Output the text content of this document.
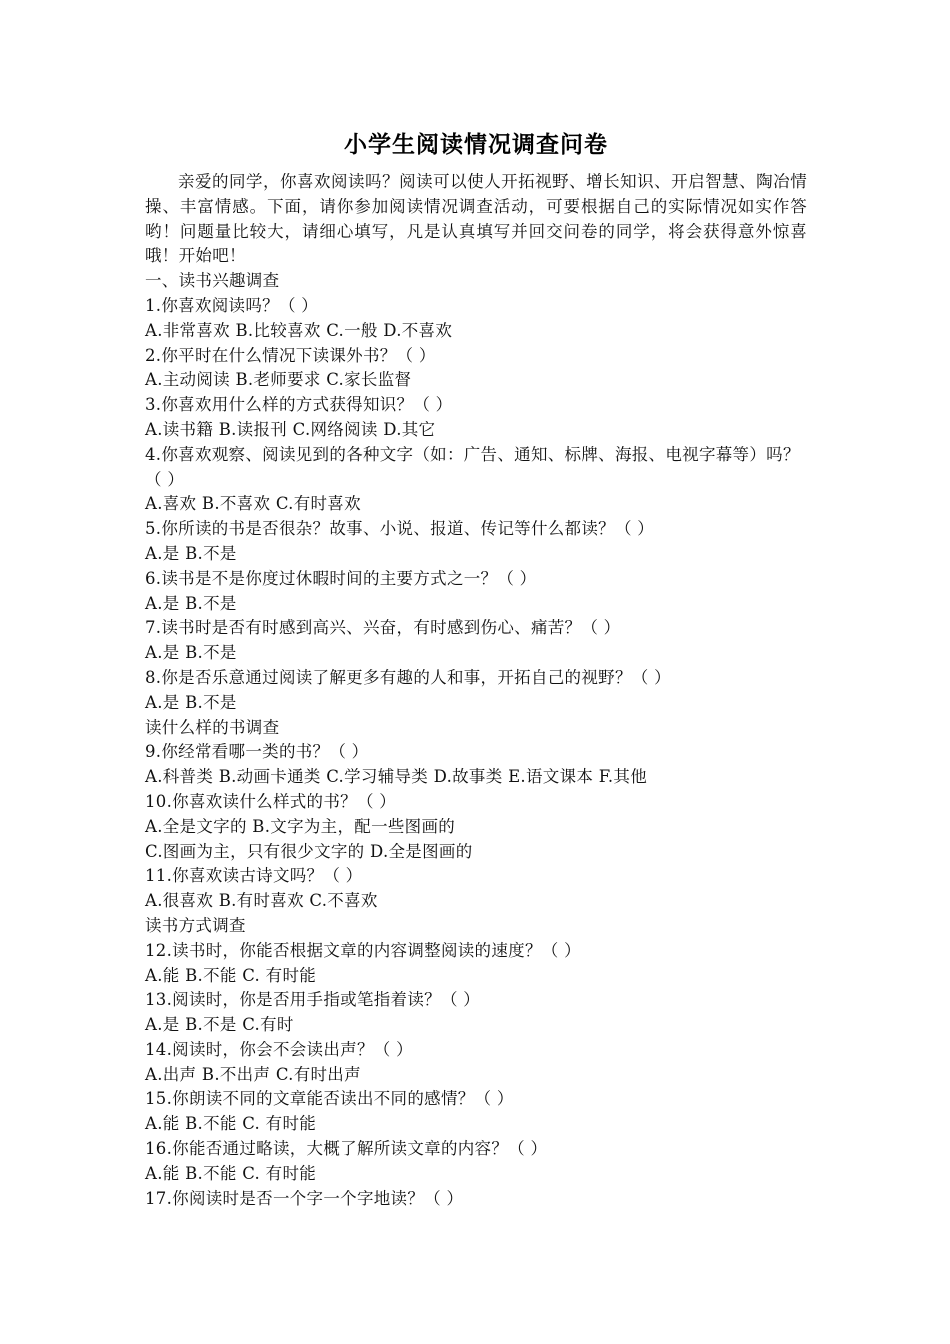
小学生阅读情况调查问卷

亲爱的同学，你喜欢阅读吗？阅读可以使人开拓视野、增长知识、开启智慧、陶冶情操、丰富情感。下面，请你参加阅读情况调查活动，可要根据自己的实际情况如实作答哟！问题量比较大，请细心填写，凡是认真填写并回交问卷的同学，将会获得意外惊喜哦！开始吧！

一、读书兴趣调查
1.你喜欢阅读吗？（ ）
A.非常喜欢 B.比较喜欢 C.一般 D.不喜欢
2.你平时在什么情况下读课外书？（ ）
A.主动阅读 B.老师要求 C.家长监督
3.你喜欢用什么样的方式获得知识？（ ）
A.读书籍 B.读报刊 C.网络阅读 D.其它
4.你喜欢观察、阅读见到的各种文字（如：广告、通知、标牌、海报、电视字幕等）吗？（ ）
A.喜欢 B.不喜欢 C.有时喜欢
5.你所读的书是否很杂？故事、小说、报道、传记等什么都读？（ ）
A.是 B.不是
6.读书是不是你度过休暇时间的主要方式之一？（ ）
A.是 B.不是
7.读书时是否有时感到高兴、兴奋，有时感到伤心、痛苦？（ ）
A.是 B.不是
8.你是否乐意通过阅读了解更多有趣的人和事，开拓自己的视野？（ ）
A.是 B.不是
读什么样的书调查
9.你经常看哪一类的书？（ ）
A.科普类 B.动画卡通类 C.学习辅导类 D.故事类 E.语文课本 F.其他
10.你喜欢读什么样式的书？（ ）
A.全是文字的 B.文字为主，配一些图画的
C.图画为主，只有很少文字的 D.全是图画的
11.你喜欢读古诗文吗？（ ）
A.很喜欢 B.有时喜欢 C.不喜欢
读书方式调查
12.读书时，你能否根据文章的内容调整阅读的速度？（ ）
A.能 B.不能 C. 有时能
13.阅读时，你是否用手指或笔指着读？（ ）
A.是 B.不是 C.有时
14.阅读时，你会不会读出声？（ ）
A.出声 B.不出声 C.有时出声
15.你朗读不同的文章能否读出不同的感情？（ ）
A.能 B.不能 C. 有时能
16.你能否通过略读，大概了解所读文章的内容？（ ）
A.能 B.不能 C. 有时能
17.你阅读时是否一个字一个字地读？（ ）
